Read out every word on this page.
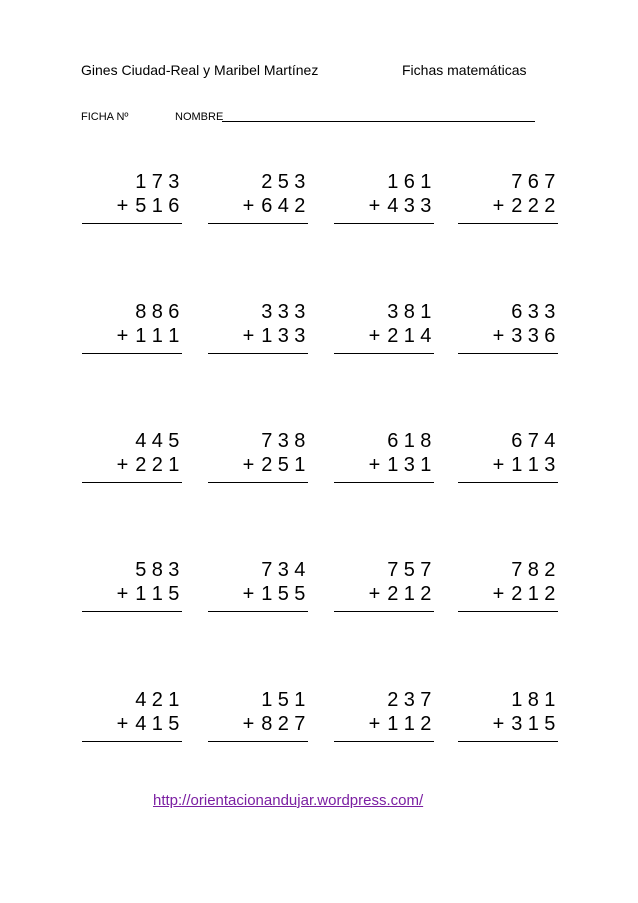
Gines Ciudad-Real y Maribel Martínez	Fichas matemáticas
FICHA Nº	NOMBRE
1 7 3
+ 5 1 6
2 5 3
+ 6 4 2
1 6 1
+ 4 3 3
7 6 7
+ 2 2 2
8 8 6
+ 1 1 1
3 3 3
+ 1 3 3
3 8 1
+ 2 1 4
6 3 3
+ 3 3 6
4 4 5
+ 2 2 1
7 3 8
+ 2 5 1
6 1 8
+ 1 3 1
6 7 4
+ 1 1 3
5 8 3
+ 1 1 5
7 3 4
+ 1 5 5
7 5 7
+ 2 1 2
7 8 2
+ 2 1 2
4 2 1
+ 4 1 5
1 5 1
+ 8 2 7
2 3 7
+ 1 1 2
1 8 1
+ 3 1 5
http://orientacionandujar.wordpress.com/
